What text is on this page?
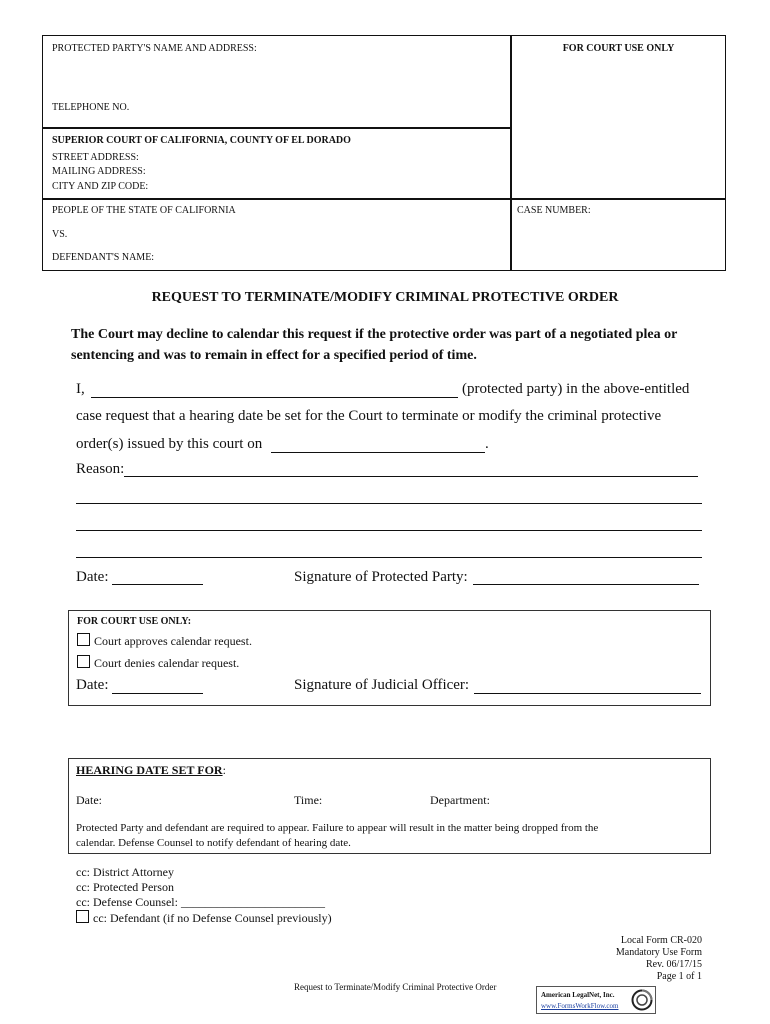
PROTECTED PARTY'S NAME AND ADDRESS:	FOR COURT USE ONLY
TELEPHONE NO.
SUPERIOR COURT OF CALIFORNIA, COUNTY OF EL DORADO
STREET ADDRESS:
MAILING ADDRESS:
CITY AND ZIP CODE:
PEOPLE OF THE STATE OF CALIFORNIA	CASE NUMBER:
VS.
DEFENDANT'S NAME:
REQUEST TO TERMINATE/MODIFY CRIMINAL PROTECTIVE ORDER
The Court may decline to calendar this request if the protective order was part of a negotiated plea or sentencing and was to remain in effect for a specified period of time.
I,	(protected party) in the above-entitled
case request that a hearing date be set for the Court to terminate or modify the criminal protective
order(s) issued by this court on	.
Reason:
Date:	Signature of Protected Party:
FOR COURT USE ONLY:
Court approves calendar request.
Court denies calendar request.
Date:	Signature of Judicial Officer:
HEARING DATE SET FOR:
Date:	Time:	Department:
Protected Party and defendant are required to appear. Failure to appear will result in the matter being dropped from the
calendar. Defense Counsel to notify defendant of hearing date.
cc: District Attorney
cc: Protected Person
cc: Defense Counsel: ________________________
cc: Defendant (if no Defense Counsel previously)
Local Form CR-020
Mandatory Use Form
Rev. 06/17/15
Page 1 of 1
Request to Terminate/Modify Criminal Protective Order
American LegalNet, Inc.
www.FormsWorkFlow.com
